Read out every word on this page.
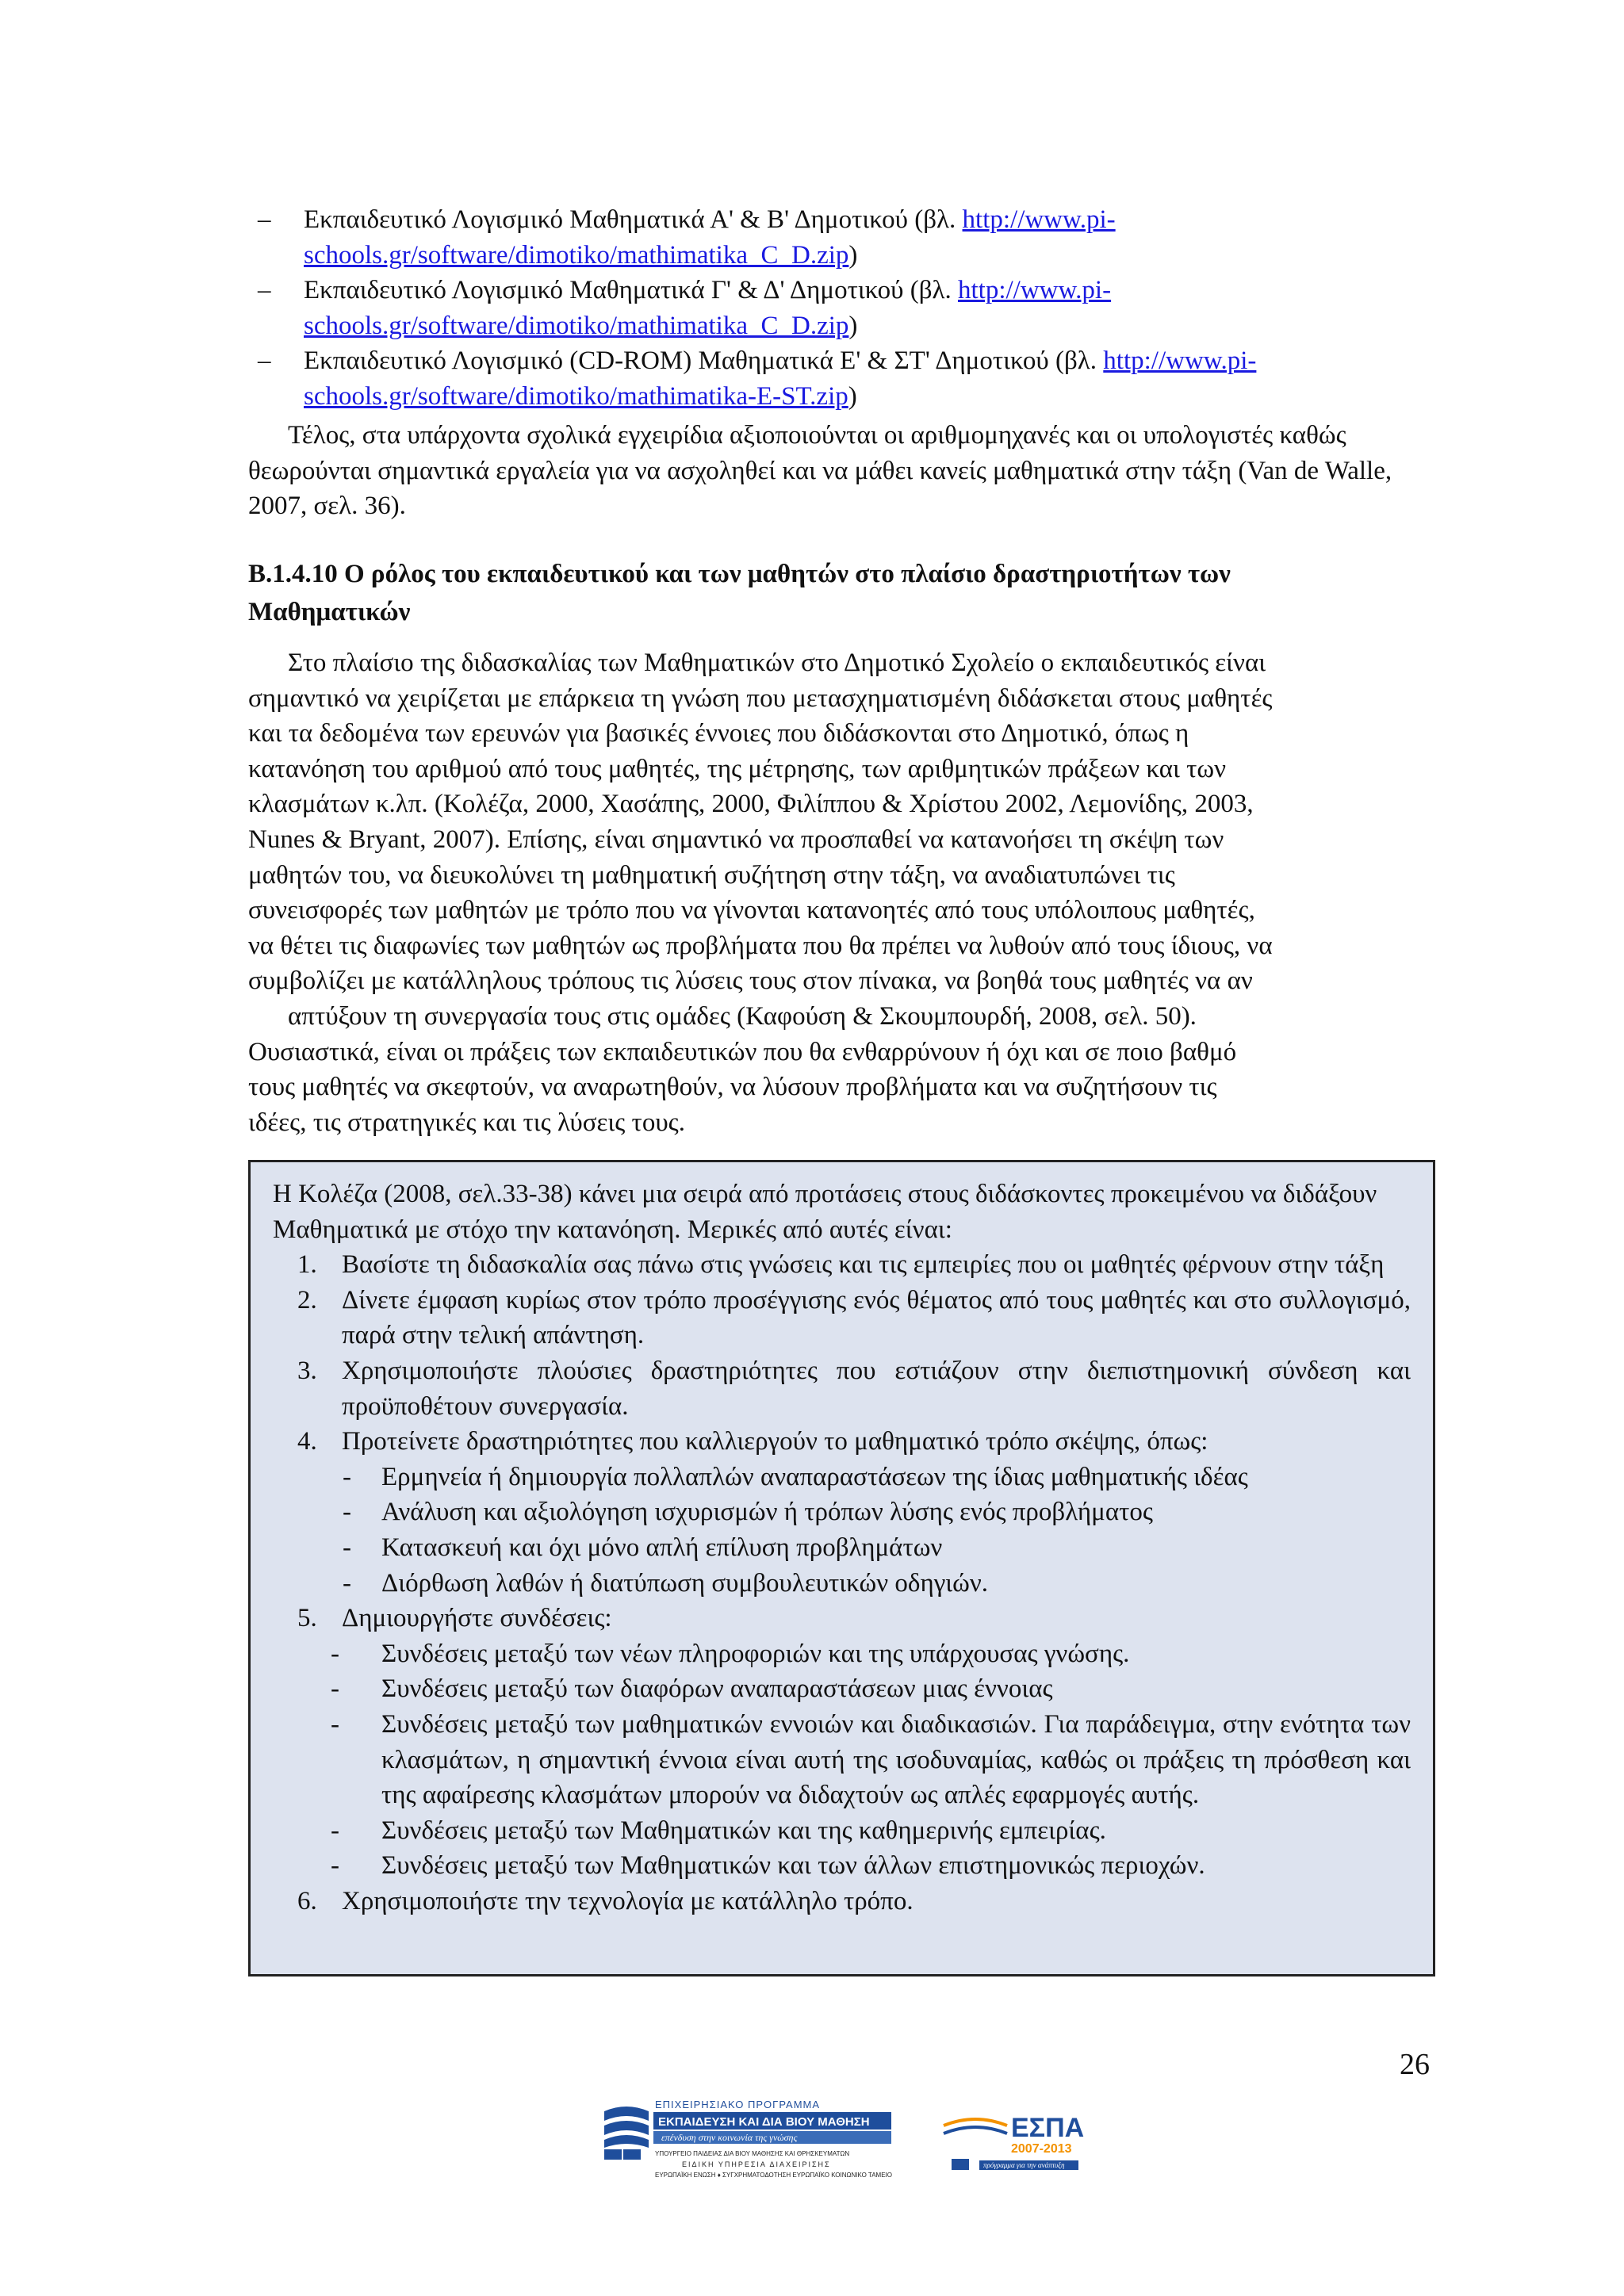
– Εκπαιδευτικό Λογισμικό Μαθηματικά Α' & Β' Δημοτικού (βλ. http://www.pi-
schools.gr/software/dimotiko/mathimatika_C_D.zip)
– Εκπαιδευτικό Λογισμικό Μαθηματικά Γ' & Δ' Δημοτικού (βλ. http://www.pi-
schools.gr/software/dimotiko/mathimatika_C_D.zip)
– Εκπαιδευτικό Λογισμικό (CD-ROM) Μαθηματικά Ε' & ΣΤ' Δημοτικού (βλ. http://www.pi-
schools.gr/software/dimotiko/mathimatika-E-ST.zip)

Τέλος, στα υπάρχοντα σχολικά εγχειρίδια αξιοποιούνται οι αριθμομηχανές και οι υπολογιστές καθώς θεωρούνται σημαντικά εργαλεία για να ασχοληθεί και να μάθει κανείς μαθηματικά στην τάξη (Van de Walle, 2007, σελ. 36).

Β.1.4.10 Ο ρόλος του εκπαιδευτικού και των μαθητών στο πλαίσιο δραστηριοτήτων των
Μαθηματικών
Στο πλαίσιο της διδασκαλίας των Μαθηματικών στο Δημοτικό Σχολείο ο εκπαιδευτικός είναι
σημαντικό να χειρίζεται με επάρκεια τη γνώση που μετασχηματισμένη διδάσκεται στους μαθητές
και τα δεδομένα των ερευνών για βασικές έννοιες που διδάσκονται στο Δημοτικό, όπως η
κατανόηση του αριθμού από τους μαθητές, της μέτρησης, των αριθμητικών πράξεων και των
κλασμάτων κ.λπ. (Κολέζα, 2000, Χασάπης, 2000, Φιλίππου & Χρίστου 2002, Λεμονίδης, 2003,
Nunes & Bryant, 2007). Επίσης, είναι σημαντικό να προσπαθεί να κατανοήσει τη σκέψη των
μαθητών του, να διευκολύνει τη μαθηματική συζήτηση στην τάξη, να αναδιατυπώνει τις
συνεισφορές των μαθητών με τρόπο που να γίνονται κατανοητές από τους υπόλοιπους μαθητές,
να θέτει τις διαφωνίες των μαθητών ως προβλήματα που θα πρέπει να λυθούν από τους ίδιους, να
συμβολίζει με κατάλληλους τρόπους τις λύσεις τους στον πίνακα, να βοηθά τους μαθητές να αν
απτύξουν τη συνεργασία τους στις ομάδες (Καφούση & Σκουμπουρδή, 2008, σελ. 50).
Ουσιαστικά, είναι οι πράξεις των εκπαιδευτικών που θα ενθαρρύνουν ή όχι και σε ποιο βαθμό
τους μαθητές να σκεφτούν, να αναρωτηθούν, να λύσουν προβλήματα και να συζητήσουν τις
ιδέες, τις στρατηγικές και τις λύσεις τους.

Η Κολέζα (2008, σελ.33-38) κάνει μια σειρά από προτάσεις στους διδάσκοντες προκειμένου να διδάξουν Μαθηματικά με στόχο την κατανόηση. Μερικές από αυτές είναι:

1. Βασίστε τη διδασκαλία σας πάνω στις γνώσεις και τις εμπειρίες που οι μαθητές φέρνουν στην τάξη
2. Δίνετε έμφαση κυρίως στον τρόπο προσέγγισης ενός θέματος από τους μαθητές και στο συλλογισμό, παρά στην τελική απάντηση.
3. Χρησιμοποιήστε πλούσιες δραστηριότητες που εστιάζουν στην διεπιστημονική σύνδεση και προϋποθέτουν συνεργασία.
4. Προτείνετε δραστηριότητες που καλλιεργούν το μαθηματικό τρόπο σκέψης, όπως:
-	Ερμηνεία ή δημιουργία πολλαπλών αναπαραστάσεων της ίδιας μαθηματικής ιδέας
-	Ανάλυση και αξιολόγηση ισχυρισμών ή τρόπων λύσης ενός προβλήματος
-	Κατασκευή και όχι μόνο απλή επίλυση προβλημάτων
-	Διόρθωση λαθών ή διατύπωση συμβουλευτικών οδηγιών.
5. Δημιουργήστε συνδέσεις:
-	Συνδέσεις μεταξύ των νέων πληροφοριών και της υπάρχουσας γνώσης.
-	Συνδέσεις μεταξύ των διαφόρων αναπαραστάσεων μιας έννοιας
-	Συνδέσεις μεταξύ των μαθηματικών εννοιών και διαδικασιών. Για παράδειγμα, στην ενότητα των κλασμάτων, η σημαντική έννοια είναι αυτή της ισοδυναμίας, καθώς οι πράξεις τη πρόσθεση και της αφαίρεσης κλασμάτων μπορούν να διδαχτούν ως απλές εφαρμογές αυτής.
-	Συνδέσεις μεταξύ των Μαθηματικών και της καθημερινής εμπειρίας.
-	Συνδέσεις μεταξύ των Μαθηματικών και των άλλων επιστημονικώς περιοχών.
6. Χρησιμοποιήστε την τεχνολογία με κατάλληλο τρόπο.
26
ΕΠΙΧΕΙΡΗΣΙΑΚΟ ΠΡΟΓΡΑΜΜΑ
ΕΚΠΑΙΔΕΥΣΗ ΚΑΙ ΔΙΑ ΒΙΟΥ ΜΑΘΗΣΗ
επένδυση στην κοινωνία της γνώσης
ΥΠΟΥΡΓΕΙΟ ΠΑΙΔΕΙΑΣ ΔΙΑ ΒΙΟΥ ΜΑΘΗΣΗΣ ΚΑΙ ΘΡΗΣΚΕΥΜΑΤΩΝ
ΕΙΔΙΚΗ ΥΠΗΡΕΣΙΑ ΔΙΑΧΕΙΡΙΣΗΣ
ΕΥΡΩΠΑΪΚΗ ΕΝΩΣΗ ♦ ΣΥΓΧΡΗΜΑΤΟΔΟΤΗΣΗ ΕΥΡΩΠΑΪΚΟ ΚΟΙΝΩΝΙΚΟ ΤΑΜΕΙΟ
ΕΣΠΑ
2007-2013
πρόγραμμα για την ανάπτυξη
